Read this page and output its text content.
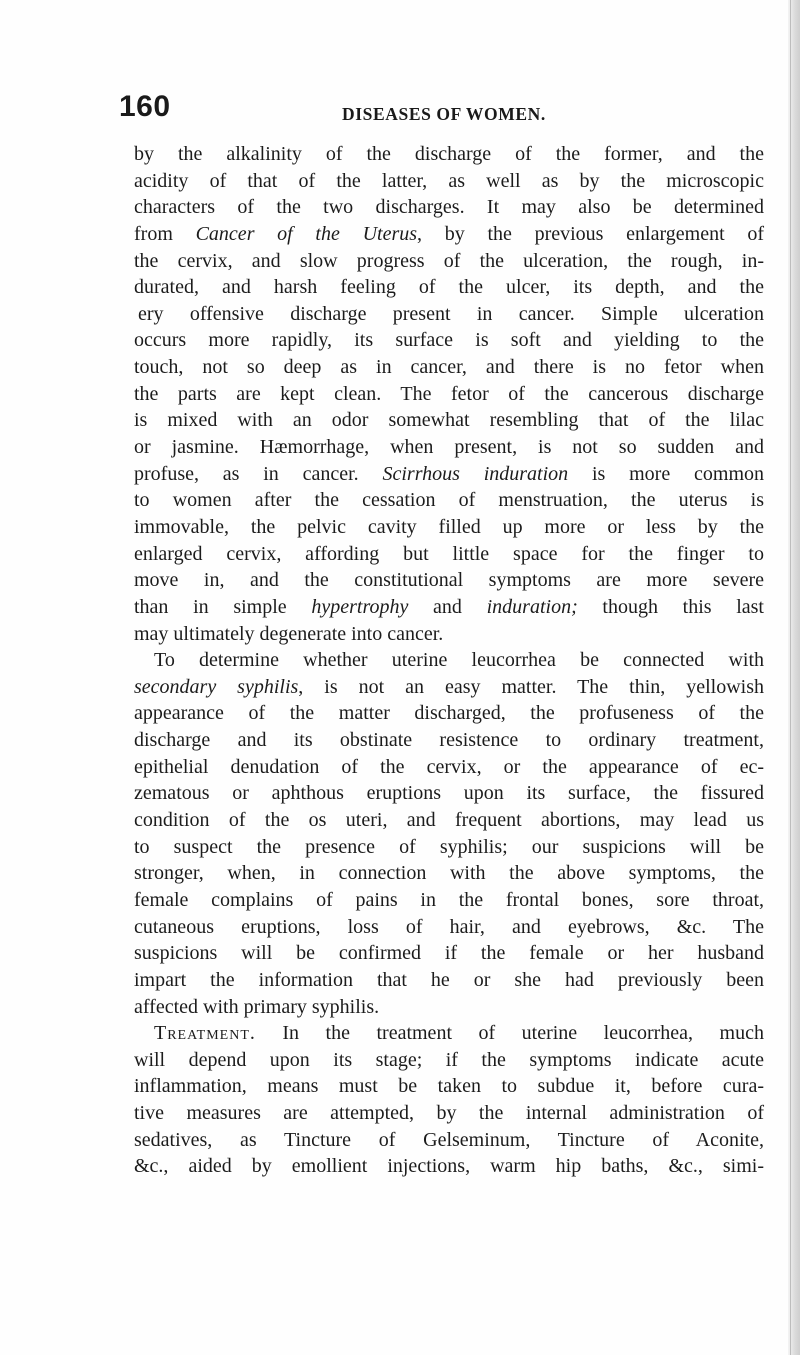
160	DISEASES OF WOMEN.
by the alkalinity of the discharge of the former, and the
acidity of that of the latter, as well as by the microscopic
characters of the two discharges. It may also be determined
from Cancer of the Uterus, by the previous enlargement of
the cervix, and slow progress of the ulceration, the rough, in-
durated, and harsh feeling of the ulcer, its depth, and the
 ery offensive discharge present in cancer. Simple ulceration
occurs more rapidly, its surface is soft and yielding to the
touch, not so deep as in cancer, and there is no fetor when
the parts are kept clean. The fetor of the cancerous discharge
is mixed with an odor somewhat resembling that of the lilac
or jasmine. Hæmorrhage, when present, is not so sudden and
profuse, as in cancer. Scirrhous induration is more common
to women after the cessation of menstruation, the uterus is
immovable, the pelvic cavity filled up more or less by the
enlarged cervix, affording but little space for the finger to
move in, and the constitutional symptoms are more severe
than in simple hypertrophy and induration; though this last
may ultimately degenerate into cancer.
To determine whether uterine leucorrhea be connected with
secondary syphilis, is not an easy matter. The thin, yellowish
appearance of the matter discharged, the profuseness of the
discharge and its obstinate resistence to ordinary treatment,
epithelial denudation of the cervix, or the appearance of ec-
zematous or aphthous eruptions upon its surface, the fissured
condition of the os uteri, and frequent abortions, may lead us
to suspect the presence of syphilis; our suspicions will be
stronger, when, in connection with the above symptoms, the
female complains of pains in the frontal bones, sore throat,
cutaneous eruptions, loss of hair, and eyebrows, &c. The
suspicions will be confirmed if the female or her husband
impart the information that he or she had previously been
affected with primary syphilis.
Treatment. In the treatment of uterine leucorrhea, much
will depend upon its stage; if the symptoms indicate acute
inflammation, means must be taken to subdue it, before cura-
tive measures are attempted, by the internal administration of
sedatives, as Tincture of Gelseminum, Tincture of Aconite,
&c., aided by emollient injections, warm hip baths, &c., simi-
